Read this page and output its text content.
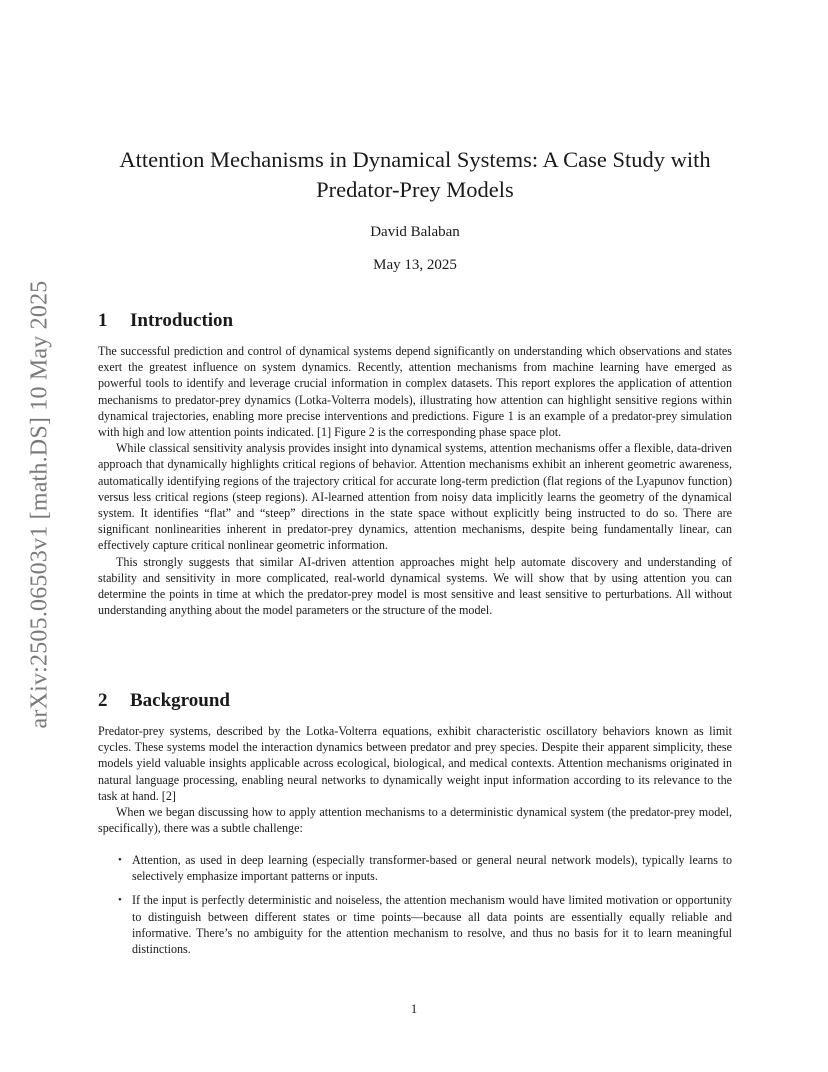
arXiv:2505.06503v1 [math.DS] 10 May 2025
Attention Mechanisms in Dynamical Systems: A Case Study with Predator-Prey Models
David Balaban
May 13, 2025
1 Introduction

The successful prediction and control of dynamical systems depend significantly on understanding which observations and states exert the greatest influence on system dynamics. Recently, attention mechanisms from machine learning have emerged as powerful tools to identify and leverage crucial information in complex datasets. This report explores the application of attention mechanisms to predator-prey dynamics (Lotka-Volterra models), illustrating how attention can highlight sensitive regions within dynamical trajectories, enabling more precise interventions and predictions. Figure 1 is an example of a predator-prey simulation with high and low attention points indicated. [1] Figure 2 is the corresponding phase space plot.

While classical sensitivity analysis provides insight into dynamical systems, attention mechanisms offer a flexible, data-driven approach that dynamically highlights critical regions of behavior. Attention mechanisms exhibit an inherent geometric awareness, automatically identifying regions of the trajectory critical for accurate long-term prediction (flat regions of the Lyapunov function) versus less critical regions (steep regions). AI-learned attention from noisy data implicitly learns the geometry of the dynamical system. It identifies “flat” and “steep” directions in the state space without explicitly being instructed to do so. There are significant nonlinearities inherent in predator-prey dynamics, attention mechanisms, despite being fundamentally linear, can effectively capture critical nonlinear geometric information.

This strongly suggests that similar AI-driven attention approaches might help automate discovery and understanding of stability and sensitivity in more complicated, real-world dynamical systems. We will show that by using attention you can determine the points in time at which the predator-prey model is most sensitive and least sensitive to perturbations. All without understanding anything about the model parameters or the structure of the model.

2 Background

Predator-prey systems, described by the Lotka-Volterra equations, exhibit characteristic oscillatory behaviors known as limit cycles. These systems model the interaction dynamics between predator and prey species. Despite their apparent simplicity, these models yield valuable insights applicable across ecological, biological, and medical contexts. Attention mechanisms originated in natural language processing, enabling neural networks to dynamically weight input information according to its relevance to the task at hand. [2]

When we began discussing how to apply attention mechanisms to a deterministic dynamical system (the predator-prey model, specifically), there was a subtle challenge:

• Attention, as used in deep learning (especially transformer-based or general neural network models), typically learns to selectively emphasize important patterns or inputs.
• If the input is perfectly deterministic and noiseless, the attention mechanism would have limited motivation or opportunity to distinguish between different states or time points—because all data points are essentially equally reliable and informative. There’s no ambiguity for the attention mechanism to resolve, and thus no basis for it to learn meaningful distinctions.
1
